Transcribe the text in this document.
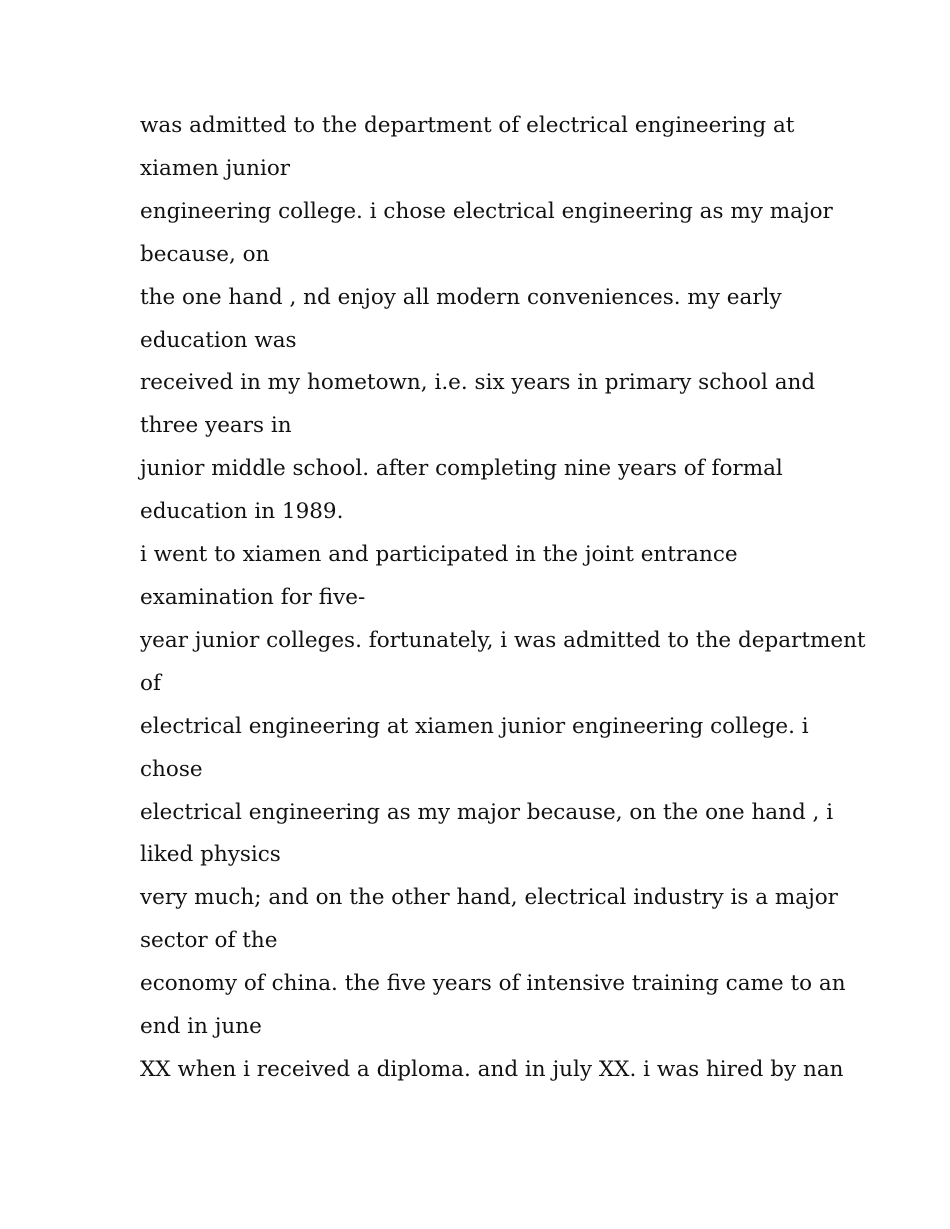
was admitted to the department of electrical engineering at
xiamen junior
engineering college. i chose electrical engineering as my major
because, on
the one hand , nd enjoy all modern conveniences. my early
education was
received in my hometown, i.e. six years in primary school and
three years in
junior middle school. after completing nine years of formal
education in 1989.
i went to xiamen and participated in the joint entrance
examination for five-
year junior colleges. fortunately, i was admitted to the department
of
electrical engineering at xiamen junior engineering college. i
chose
electrical engineering as my major because, on the one hand , i
liked physics
very much; and on the other hand, electrical industry is a major
sector of the
economy of china. the five years of intensive training came to an
end in june
XX when i received a diploma. and in july XX. i was hired by nan
